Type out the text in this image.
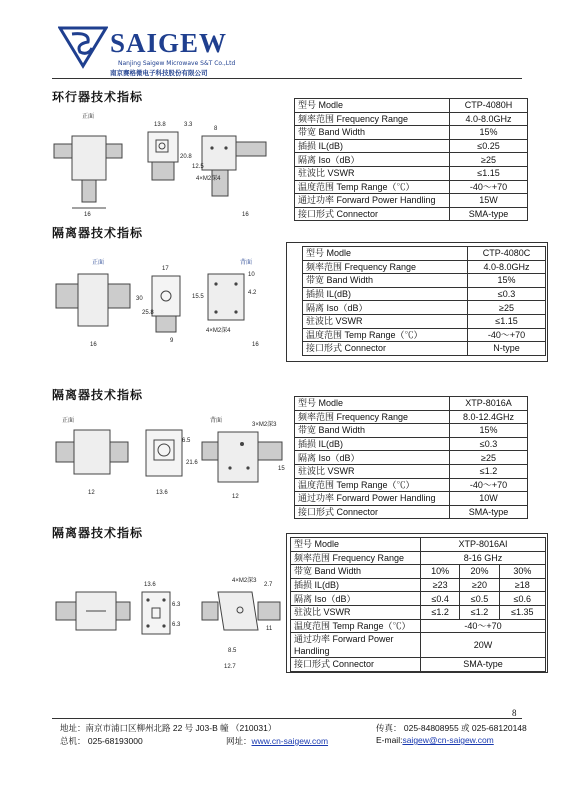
SAIGEW
Nanjing Saigew Microwave S&T Co.,Ltd
南京赛格微电子科技股份有限公司
环行器技术指标
正面
16
13.8	3.3
20.8
8
12.5
4×M2深4
16
型号 Modle	CTP-4080H
频率范围 Frequency Range	4.0-8.0GHz
带宽 Band Width	15%
插损 IL(dB)	≤0.25
隔离 Iso（dB）	≥25
驻波比 VSWR	≤1.15
温度范围 Temp Range（℃）	-40～+70
通过功率 Forward Power Handling	15W
接口形式 Connector	SMA-type
隔离器技术指标
正面	背面
16
17
30
25.8
9
10
15.5
4.2
4×M2深4
16
型号 Modle	CTP-4080C
频率范围 Frequency Range	4.0-8.0GHz
带宽 Band Width	15%
插损 IL(dB)	≤0.3
隔离 Iso（dB）	≥25
驻波比 VSWR	≤1.15
温度范围 Temp Range（℃）	-40～+70
接口形式 Connector	N-type
隔离器技术指标
正面	背面
12
6.5
21.6
13.6
3×M2深3
15
12
型号 Modle	XTP-8016A
频率范围 Frequency Range	8.0-12.4GHz
带宽 Band Width	15%
插损 IL(dB)	≤0.3
隔离 Iso（dB）	≥25
驻波比 VSWR	≤1.2
温度范围 Temp Range（℃）	-40～+70
通过功率 Forward Power Handling	10W
接口形式 Connector	SMA-type
隔离器技术指标
13.6
6.3
6.3
4×M2深3
2.7
11
8.5
12.7
型号 Modle	XTP-8016AI		
频率范围 Frequency Range	8-16 GHz		
带宽 Band Width	10%	20%	30%
插损 IL(dB)	≥23	≥20	≥18
隔离 Iso（dB）	≤0.4	≤0.5	≤0.6
驻波比 VSWR	≤1.2	≤1.2	≤1.35
温度范围 Temp Range（℃）	-40～+70		
通过功率 Forward Power Handling	20W		
接口形式 Connector	SMA-type		
8
地址：南京市浦口区柳州北路 22 号 J03-B 幢 （210031）	传真： 025-84808955 或 025-68120148
总机： 025-68193000	网址：www.cn-saigew.com	E-mail:saigew@cn-saigew.com
